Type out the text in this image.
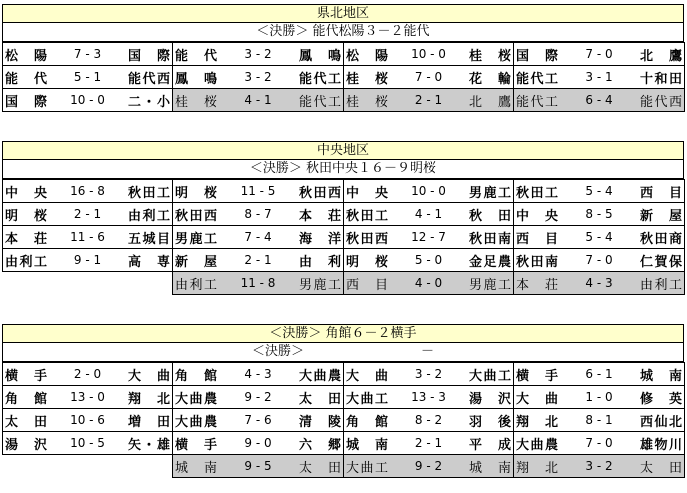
県北地区
＜決勝＞ 能代松陽３－２能代
松　陽 7 - 3 国　際	能　代 3 - 2 鳳　鳴	松　陽 10 - 0 桂　桜	国　際 7 - 0 北　鷹

能　代 5 - 1 能代西	鳳　鳴 3 - 2 能代工	桂　桜 7 - 0 花　輪	能代工 3 - 1 十和田

国　際 10 - 0 二・小	桂　桜 4 - 1 能代工	桂　桜 2 - 1 北　鷹	能代工 6 - 4 能代西
中央地区
＜決勝＞ 秋田中央１６－９明桜
中　央 16 - 8 秋田工	明　桜 11 - 5 秋田西	中　央 10 - 0 男鹿工	秋田工 5 - 4 西　目

明　桜 2 - 1 由利工	秋田西 8 - 7 本　荘	秋田工 4 - 1 秋　田	中　央 8 - 5 新　屋

本　荘 11 - 6 五城目	男鹿工 7 - 4 海　洋	秋田西 12 - 7 秋田南	西　目 5 - 4 秋田商

由利工 9 - 1 高　専	新　屋 2 - 1 由　利	明　桜 5 - 0 金足農	秋田南 7 - 0 仁賀保

	由利工 11 - 8 男鹿工	西　目 4 - 0 男鹿工	本　荘 4 - 3 由利工
＜決勝＞ 角館６－２横手
＜決勝＞　　　　　　　　　－
横　手 2 - 0 大　曲	角　館 4 - 3 大曲農	大　曲 3 - 2 大曲工	横　手 6 - 1 城　南

角　館 13 - 0 翔　北	大曲農 9 - 2 太　田	大曲工 13 - 3 湯　沢	大　曲 1 - 0 修　英

太　田 10 - 6 増　田	大曲農 7 - 6 清　陵	角　館 8 - 2 羽　後	翔　北 8 - 1 西仙北

湯　沢 10 - 5 矢・雄	横　手 9 - 0 六　郷	城　南 2 - 1 平　成	大曲農 7 - 0 雄物川

	城　南 9 - 5 太　田	大曲工 9 - 2 城　南	翔　北 3 - 2 太　田
